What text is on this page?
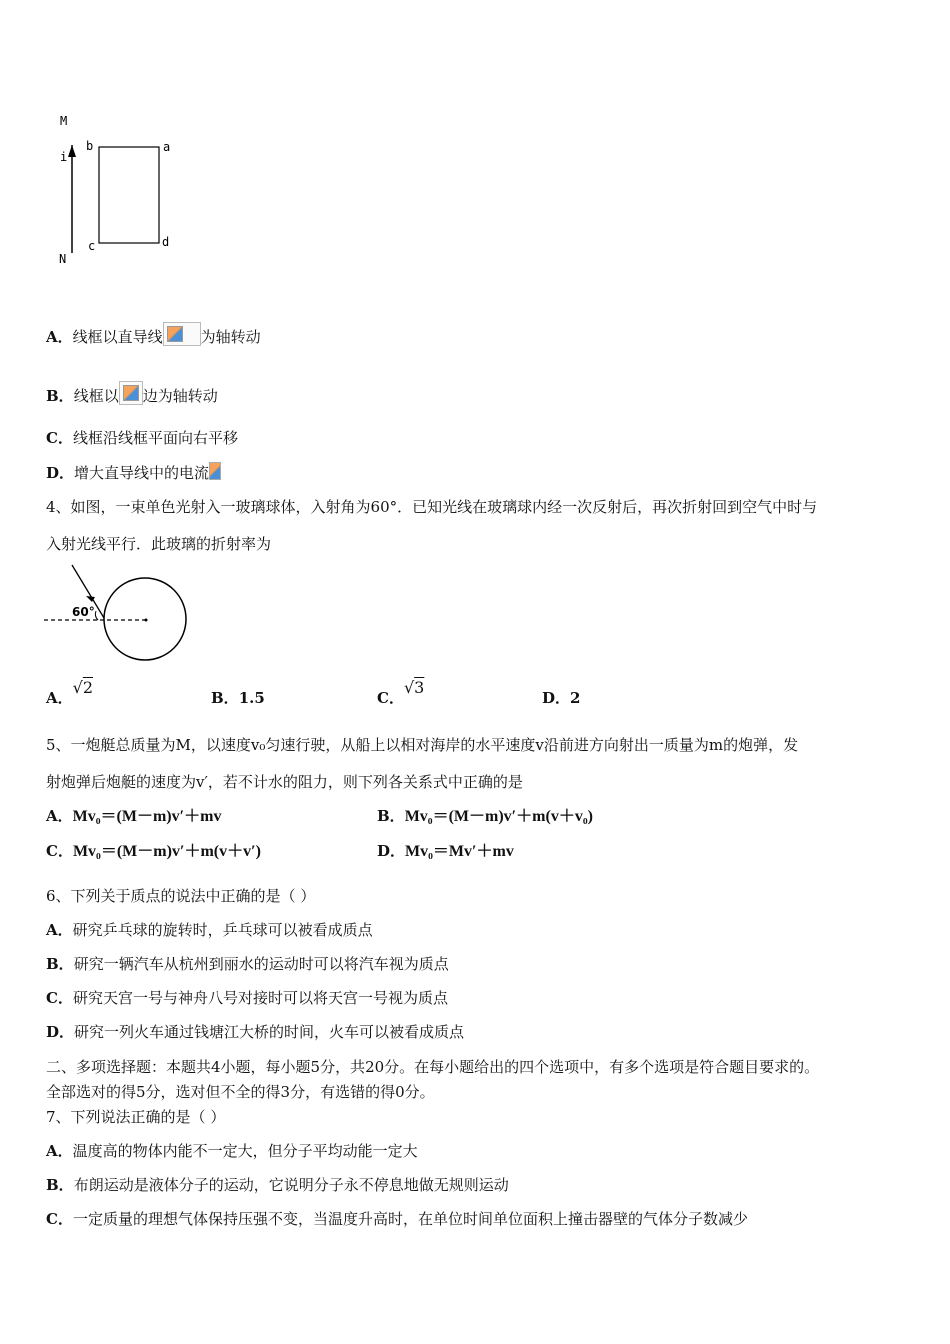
M
i
N
b	a
c	d
A．线框以直导线	为轴转动
B．线框以 边为轴转动
C．线框沿线框平面向右平移
D．增大直导线中的电流
4、如图，一束单色光射入一玻璃球体，入射角为60°．已知光线在玻璃球内经一次反射后，再次折射回到空气中时与
入射光线平行．此玻璃的折射率为
60°
A．√2
B．1.5	C．√3
D．2
5、一炮艇总质量为M，以速度v₀匀速行驶，从船上以相对海岸的水平速度v沿前进方向射出一质量为m的炮弹，发
射炮弹后炮艇的速度为v′，若不计水的阻力，则下列各关系式中正确的是
A．Mv₀＝(M－m)v′＋mv	B．Mv₀＝(M－m)v′＋m(v＋v₀)
C．Mv₀＝(M－m)v′＋m(v＋v′)	D．Mv₀＝Mv′＋mv
6、下列关于质点的说法中正确的是（ ）
A．研究乒乓球的旋转时，乒乓球可以被看成质点
B．研究一辆汽车从杭州到丽水的运动时可以将汽车视为质点
C．研究天宫一号与神舟八号对接时可以将天宫一号视为质点
D．研究一列火车通过钱塘江大桥的时间，火车可以被看成质点
二、多项选择题：本题共4小题，每小题5分，共20分。在每小题给出的四个选项中，有多个选项是符合题目要求的。
全部选对的得5分，选对但不全的得3分，有选错的得0分。
7、下列说法正确的是（ ）
A．温度高的物体内能不一定大，但分子平均动能一定大
B．布朗运动是液体分子的运动，它说明分子永不停息地做无规则运动
C．一定质量的理想气体保持压强不变，当温度升高时，在单位时间单位面积上撞击器壁的气体分子数减少
